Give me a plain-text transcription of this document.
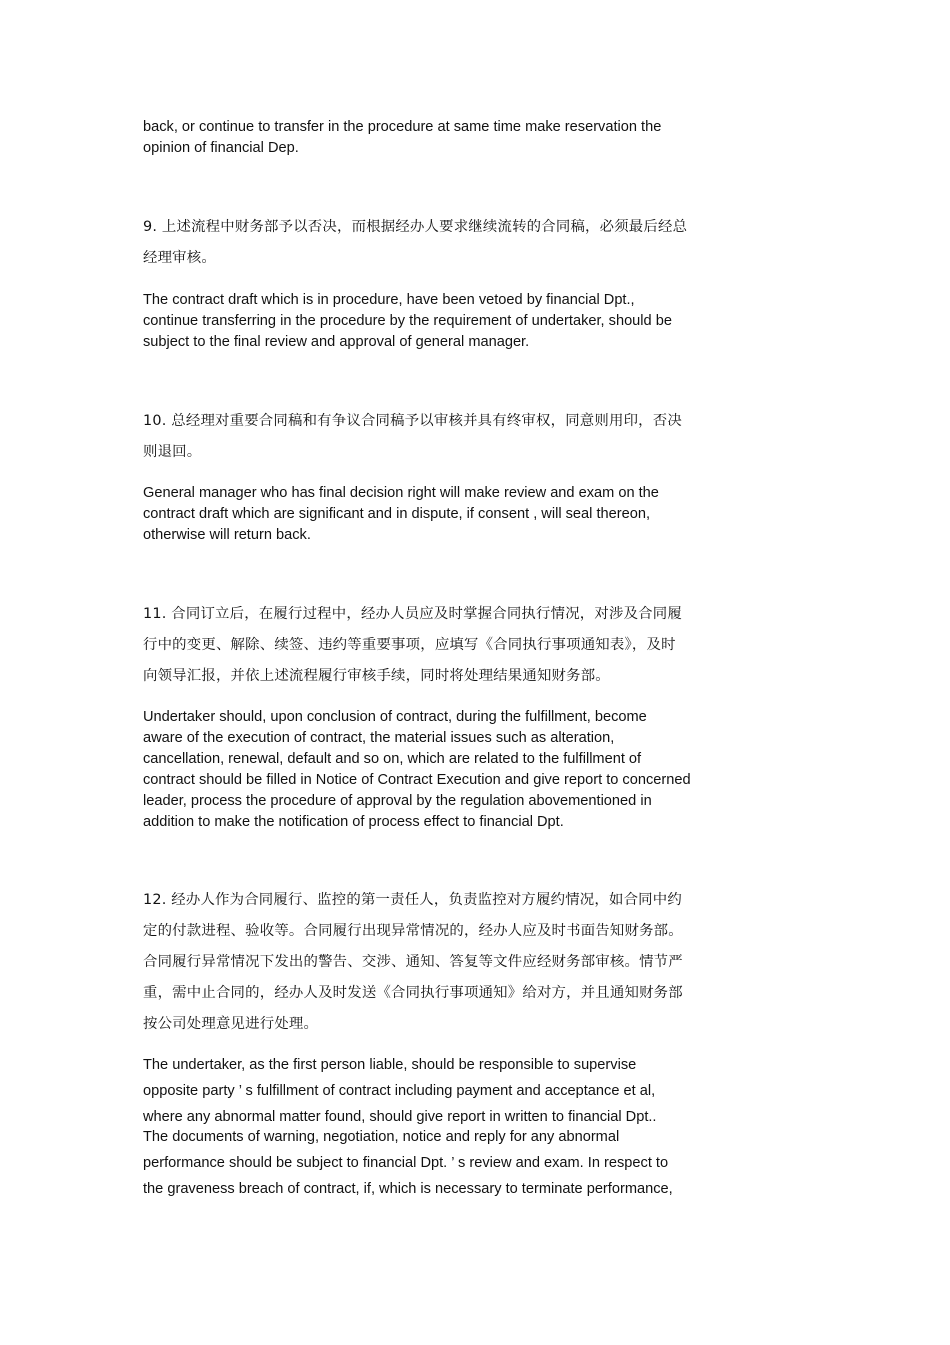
back, or continue to transfer in the procedure at same time make reservation the
opinion of financial Dep.

9. 上述流程中财务部予以否决，而根据经办人要求继续流转的合同稿，必须最后经总
经理审核。

The contract draft which is in procedure, have been vetoed by financial Dpt.,
continue transferring in the procedure by the requirement of undertaker, should be
subject to the final review and approval of general manager.

10. 总经理对重要合同稿和有争议合同稿予以审核并具有终审权，同意则用印，否决
则退回。

General manager who has final decision right will make review and exam on the
contract draft which are significant and in dispute, if consent , will seal thereon,
otherwise will return back.

11. 合同订立后，在履行过程中，经办人员应及时掌握合同执行情况，对涉及合同履
行中的变更、解除、续签、违约等重要事项，应填写《合同执行事项通知表》，及时
向领导汇报，并依上述流程履行审核手续，同时将处理结果通知财务部。

Undertaker should, upon conclusion of contract, during the fulfillment, become
aware of the execution of contract, the material issues such as alteration,
cancellation, renewal, default and so on, which are related to the fulfillment of
contract should be filled in Notice of Contract Execution and give report to concerned
leader, process the procedure of approval by the regulation abovementioned in
addition to make the notification of process effect to financial Dpt.

12. 经办人作为合同履行、监控的第一责任人，负责监控对方履约情况，如合同中约
定的付款进程、验收等。合同履行出现异常情况的，经办人应及时书面告知财务部。
合同履行异常情况下发出的警告、交涉、通知、答复等文件应经财务部审核。情节严
重，需中止合同的，经办人及时发送《合同执行事项通知》给对方，并且通知财务部
按公司处理意见进行处理。

The undertaker, as the first person liable, should be responsible to supervise
opposite party ’ s fulfillment of contract including payment and acceptance et al,
where any abnormal matter found, should give report in written to financial Dpt..

The documents of warning, negotiation, notice and reply for any abnormal
performance should be subject to financial Dpt. ’ s review and exam. In respect to
the graveness breach of contract, if, which is necessary to terminate performance,
